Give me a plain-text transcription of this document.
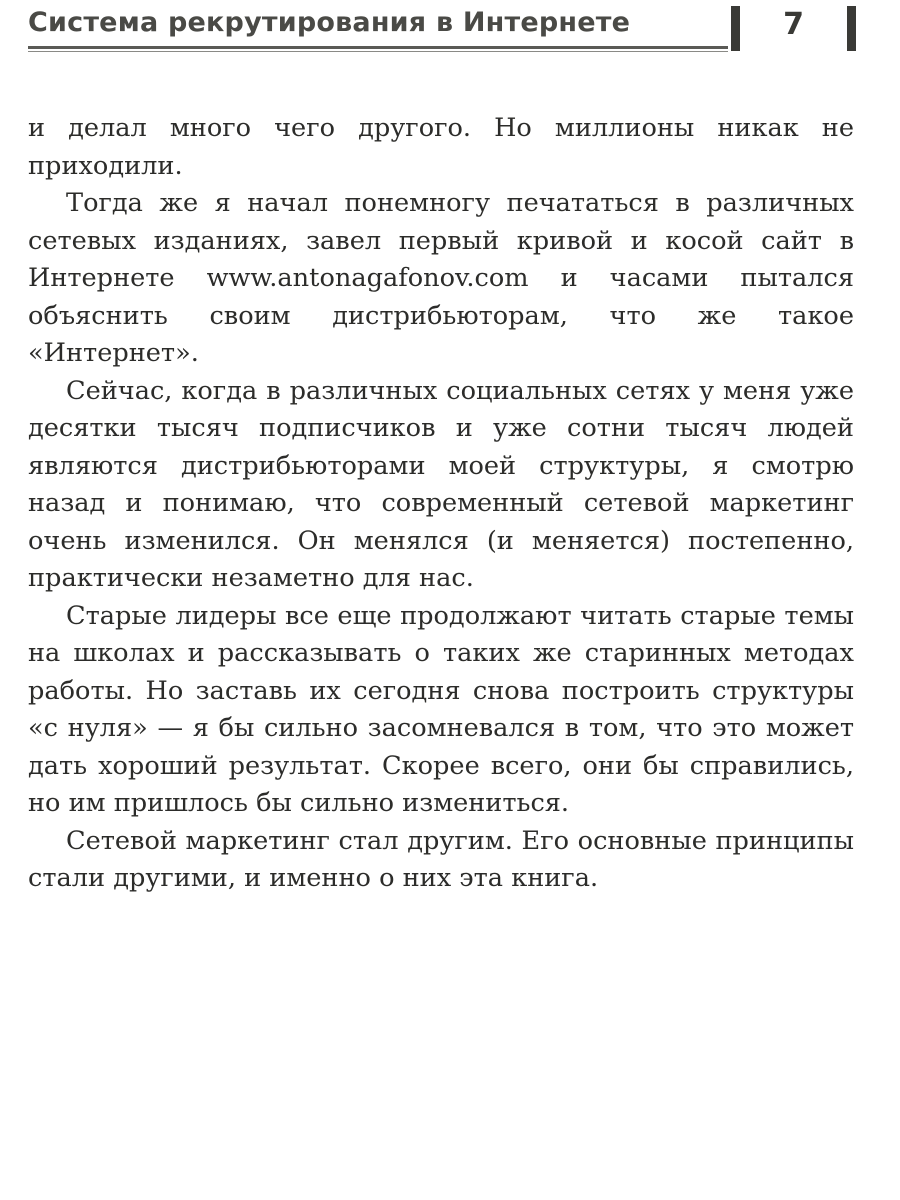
Система рекрутирования в Интернете	7

и делал много чего другого. Но миллионы никак не приходили.

Тогда же я начал понемногу печататься в различных сетевых изданиях, завел первый кривой и косой сайт в Интернете www.antonagafonov.com и часами пытался объяснить своим дистрибьюторам, что же такое «Интернет».

Сейчас, когда в различных социальных сетях у меня уже десятки тысяч подписчиков и уже сотни тысяч людей являются дистрибьюторами моей структуры, я смотрю назад и понимаю, что современный сетевой маркетинг очень изменился. Он менялся (и меняется) постепенно, практически незаметно для нас.

Старые лидеры все еще продолжают читать старые темы на школах и рассказывать о таких же старинных методах работы. Но заставь их сегодня снова построить структуры «с нуля» — я бы сильно засомневался в том, что это может дать хороший результат. Скорее всего, они бы справились, но им пришлось бы сильно измениться.

Сетевой маркетинг стал другим. Его основные принципы стали другими, и именно о них эта книга.
